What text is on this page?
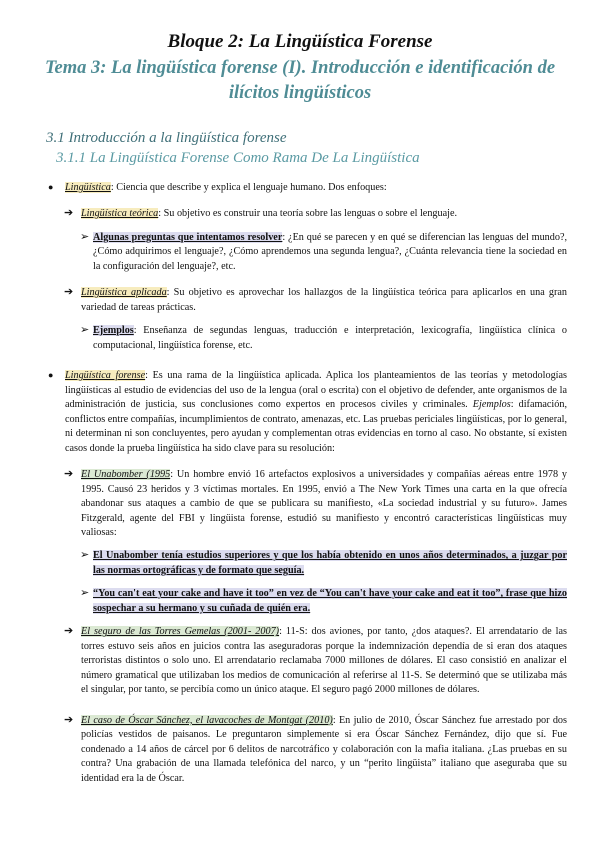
Bloque 2: La Lingüística Forense
Tema 3: La lingüística forense (I). Introducción e identificación de ilícitos lingüísticos
3.1 Introducción a la lingüística forense
3.1.1 La Lingüística Forense Como Rama De La Lingüística
● Lingüística: Ciencia que describe y explica el lenguaje humano. Dos enfoques:
➔ Lingüística teórica: Su objetivo es construir una teoría sobre las lenguas o sobre el lenguaje.
➢ Algunas preguntas que intentamos resolver: ¿En qué se parecen y en qué se diferencian las lenguas del mundo?, ¿Cómo adquirimos el lenguaje?, ¿Cómo aprendemos una segunda lengua?, ¿Cuánta relevancia tiene la sociedad en la configuración del lenguaje?, etc.
➔ Lingüística aplicada: Su objetivo es aprovechar los hallazgos de la lingüística teórica para aplicarlos en una gran variedad de tareas prácticas.
➢ Ejemplos: Enseñanza de segundas lenguas, traducción e interpretación, lexicografía, lingüística clínica o computacional, lingüística forense, etc.
● Lingüística forense: Es una rama de la lingüística aplicada. Aplica los planteamientos de las teorías y metodologías lingüísticas al estudio de evidencias del uso de la lengua (oral o escrita) con el objetivo de defender, ante organismos de la administración de justicia, sus conclusiones como expertos en procesos civiles y criminales. Ejemplos: difamación, conflictos entre compañías, incumplimientos de contrato, amenazas, etc. Las pruebas periciales lingüísticas, por lo general, ni determinan ni son concluyentes, pero ayudan y complementan otras evidencias en torno al caso. No obstante, sí existen casos donde la prueba lingüística ha sido clave para su resolución:
➔ El Unabomber (1995: Un hombre envió 16 artefactos explosivos a universidades y compañías aéreas entre 1978 y 1995. Causó 23 heridos y 3 víctimas mortales. En 1995, envió a The New York Times una carta en la que ofrecía abandonar sus ataques a cambio de que se publicara su manifiesto, «La sociedad industrial y su futuro». James Fitzgerald, agente del FBI y lingüista forense, estudió su manifiesto y encontró características lingüísticas muy valiosas:
➢ El Unabomber tenía estudios superiores y que los había obtenido en unos años determinados, a juzgar por las normas ortográficas y de formato que seguía.
➢ “You can't eat your cake and have it too” en vez de “You can't have your cake and eat it too”, frase que hizo sospechar a su hermano y su cuñada de quién era.
➔ El seguro de las Torres Gemelas (2001- 2007): 11-S: dos aviones, por tanto, ¿dos ataques?. El arrendatario de las torres estuvo seis años en juicios contra las aseguradoras porque la indemnización dependía de si eran dos ataques terroristas distintos o solo uno. El arrendatario reclamaba 7000 millones de dólares. El caso consistió en analizar el número gramatical que utilizaban los medios de comunicación al referirse al 11-S. Se determinó que se utilizaba más el singular, por tanto, se percibía como un único ataque. El seguro pagó 2000 millones de dólares.
➔ El caso de Óscar Sánchez, el lavacoches de Montgat (2010): En julio de 2010, Óscar Sánchez fue arrestado por dos policías vestidos de paisanos. Le preguntaron simplemente si era Óscar Sánchez Fernández, dijo que sí. Fue condenado a 14 años de cárcel por 6 delitos de narcotráfico y colaboración con la mafia italiana. ¿Las pruebas en su contra? Una grabación de una llamada telefónica del narco, y un “perito lingüista” italiano que aseguraba que su identidad era la de Óscar.
